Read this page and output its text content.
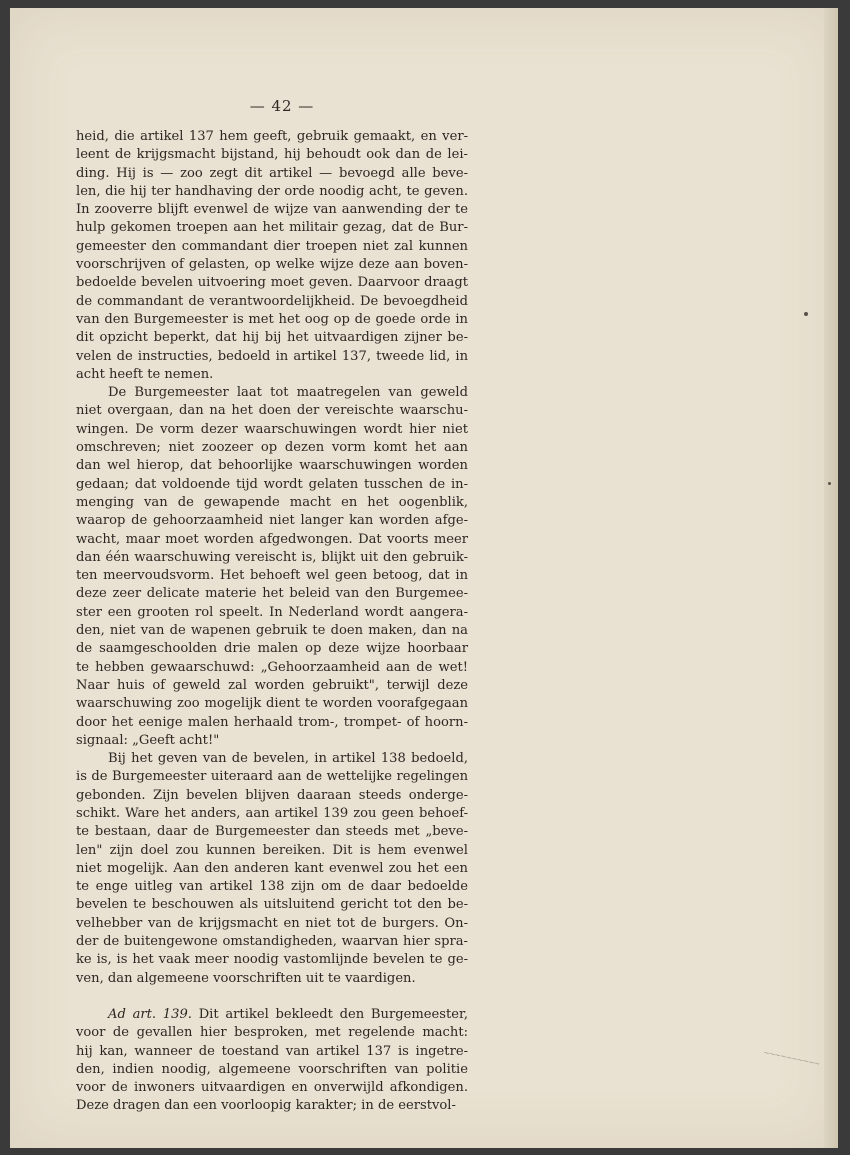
— 42 —
heid, die artikel 137 hem geeft, gebruik gemaakt, en ver-
leent de krijgsmacht bijstand, hij behoudt ook dan de lei-
ding. Hij is — zoo zegt dit artikel — bevoegd alle beve-
len, die hij ter handhaving der orde noodig acht, te geven.
In zooverre blijft evenwel de wijze van aanwending der te
hulp gekomen troepen aan het militair gezag, dat de Bur-
gemeester den commandant dier troepen niet zal kunnen
voorschrijven of gelasten, op welke wijze deze aan boven-
bedoelde bevelen uitvoering moet geven. Daarvoor draagt
de commandant de verantwoordelijkheid. De bevoegdheid
van den Burgemeester is met het oog op de goede orde in
dit opzicht beperkt, dat hij bij het uitvaardigen zijner be-
velen de instructies, bedoeld in artikel 137, tweede lid, in
acht heeft te nemen.
De Burgemeester laat tot maatregelen van geweld
niet overgaan, dan na het doen der vereischte waarschu-
wingen. De vorm dezer waarschuwingen wordt hier niet
omschreven; niet zoozeer op dezen vorm komt het aan
dan wel hierop, dat behoorlijke waarschuwingen worden
gedaan; dat voldoende tijd wordt gelaten tusschen de in-
menging van de gewapende macht en het oogenblik,
waarop de gehoorzaamheid niet langer kan worden afge-
wacht, maar moet worden afgedwongen. Dat voorts meer
dan één waarschuwing vereischt is, blijkt uit den gebruik-
ten meervoudsvorm. Het behoeft wel geen betoog, dat in
deze zeer delicate materie het beleid van den Burgemee-
ster een grooten rol speelt. In Nederland wordt aangera-
den, niet van de wapenen gebruik te doen maken, dan na
de saamgeschoolden drie malen op deze wijze hoorbaar
te hebben gewaarschuwd: „Gehoorzaamheid aan de wet!
Naar huis of geweld zal worden gebruikt", terwijl deze
waarschuwing zoo mogelijk dient te worden voorafgegaan
door het eenige malen herhaald trom-, trompet- of hoorn-
signaal: „Geeft acht!"
Bij het geven van de bevelen, in artikel 138 bedoeld,
is de Burgemeester uiteraard aan de wettelijke regelingen
gebonden. Zijn bevelen blijven daaraan steeds onderge-
schikt. Ware het anders, aan artikel 139 zou geen behoef-
te bestaan, daar de Burgemeester dan steeds met „beve-
len" zijn doel zou kunnen bereiken. Dit is hem evenwel
niet mogelijk. Aan den anderen kant evenwel zou het een
te enge uitleg van artikel 138 zijn om de daar bedoelde
bevelen te beschouwen als uitsluitend gericht tot den be-
velhebber van de krijgsmacht en niet tot de burgers. On-
der de buitengewone omstandigheden, waarvan hier spra-
ke is, is het vaak meer noodig vastomlijnde bevelen te ge-
ven, dan algemeene voorschriften uit te vaardigen.
Ad art. 139. Dit artikel bekleedt den Burgemeester,
voor de gevallen hier besproken, met regelende macht:
hij kan, wanneer de toestand van artikel 137 is ingetre-
den, indien noodig, algemeene voorschriften van politie
voor de inwoners uitvaardigen en onverwijld afkondigen.
Deze dragen dan een voorloopig karakter; in de eerstvol-
~~~~~~~~~~
